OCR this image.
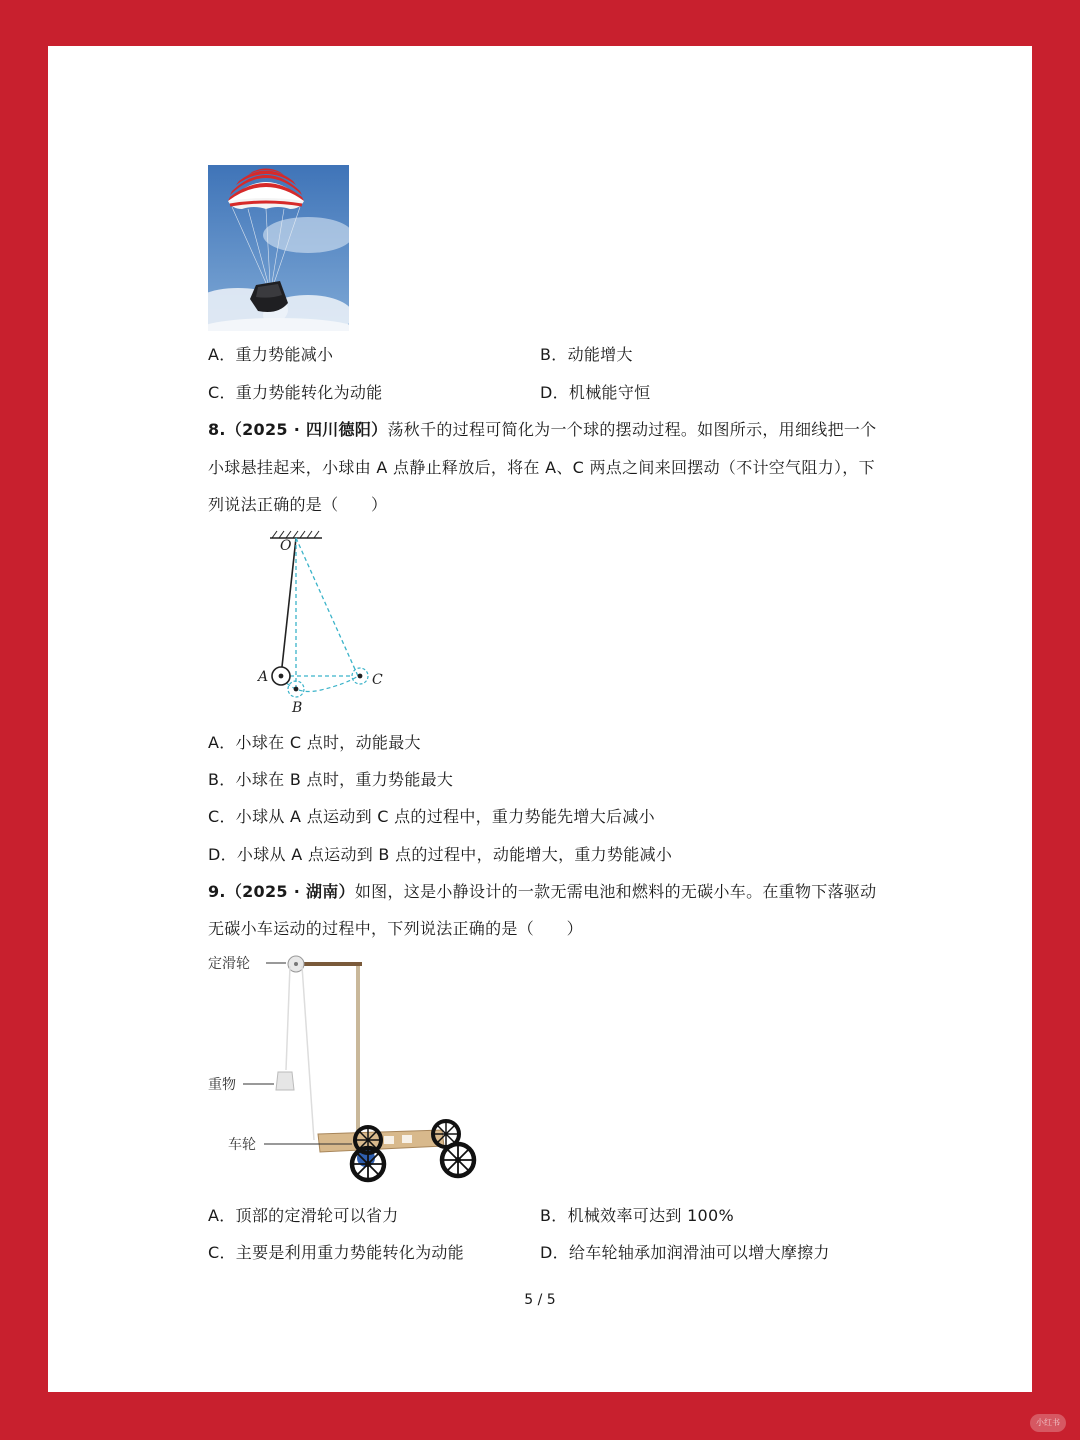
A．重力势能减小	B．动能增大
C．重力势能转化为动能	D．机械能守恒
8.（2025 · 四川德阳）荡秋千的过程可简化为一个球的摆动过程。如图所示，用细线把一个
小球悬挂起来，小球由 A 点静止释放后，将在 A、C 两点之间来回摆动（不计空气阻力），下
列说法正确的是（　　）
O
A
B
C
A．小球在 C 点时，动能最大
B．小球在 B 点时，重力势能最大
C．小球从 A 点运动到 C 点的过程中，重力势能先增大后减小
D．小球从 A 点运动到 B 点的过程中，动能增大，重力势能减小
9.（2025 · 湖南）如图，这是小静设计的一款无需电池和燃料的无碳小车。在重物下落驱动
无碳小车运动的过程中，下列说法正确的是（　　）
定滑轮
重物
车轮
A．顶部的定滑轮可以省力	B．机械效率可达到 100%
C．主要是利用重力势能转化为动能	D．给车轮轴承加润滑油可以增大摩擦力
5 / 5
小红书
